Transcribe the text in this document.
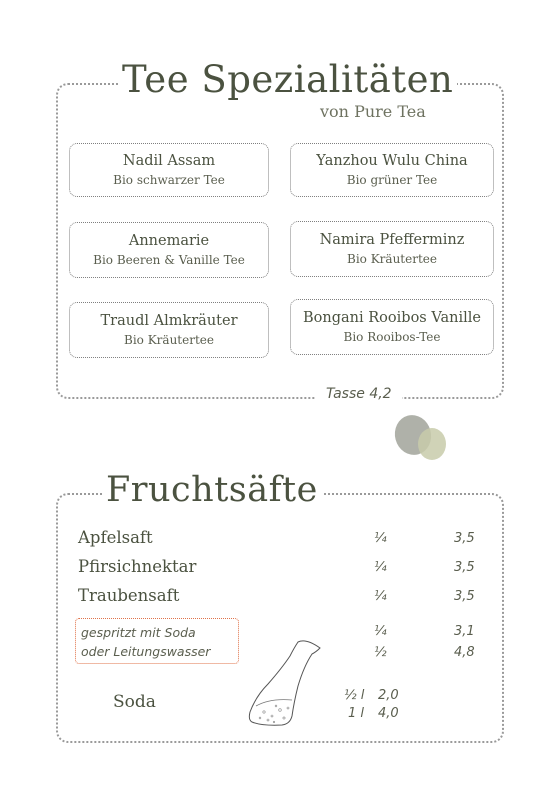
Tee Spezialitäten
von Pure Tea
Nadil Assam
Bio schwarzer Tee
Yanzhou Wulu China
Bio grüner Tee
Annemarie
Bio Beeren & Vanille Tee
Namira Pfefferminz
Bio Kräutertee
Traudl Almkräuter
Bio Kräutertee
Bongani Rooibos Vanille
Bio Rooibos-Tee
Tasse 4,2
Fruchtsäfte
Apfelsaft	¼	3,5
Pfirsichnektar	¼	3,5
Traubensaft	¼	3,5
gespritzt mit Soda
oder Leitungswasser
¼	3,1
½	4,8
Soda	½ l 2,0
1 l 4,0
